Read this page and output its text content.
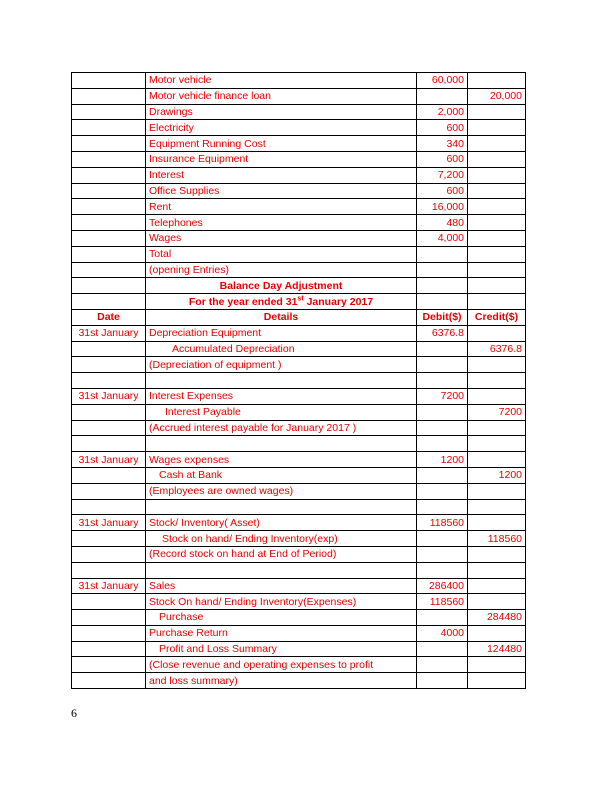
	Motor vehicle	60,000	
	Motor vehicle finance loan		20,000
	Drawings	2,000	
	Electricity	600	
	Equipment Running Cost	340	
	Insurance Equipment	600	
	Interest	7,200	
	Office Supplies	600	
	Rent	16,000	
	Telephones	480	
	Wages	4,000	
	Total		
	(opening Entries)		
	Balance Day Adjustment		
	For the year ended 31st January 2017		
Date	Details	Debit($)	Credit($)
31st January	Depreciation Equipment	6376.8	
	Accumulated Depreciation		6376.8
	(Depreciation of equipment )		

31st January	Interest Expenses	7200	
	Interest Payable		7200
	(Accrued interest payable for January 2017 )		

31st January	Wages expenses	1200	
	Cash at Bank		1200
	(Employees are owned wages)		

31st January	Stock/ Inventory( Asset)	118560	
	Stock on hand/ Ending Inventory(exp)		118560
	(Record stock on hand at End of Period)		

31st January	Sales	286400	
	Stock On hand/ Ending Inventory(Expenses)	118560	
	Purchase		284480
	Purchase Return	4000	
	Profit and Loss Summary		124480
	(Close revenue and operating expenses to profit		
	and loss summary)		
6
